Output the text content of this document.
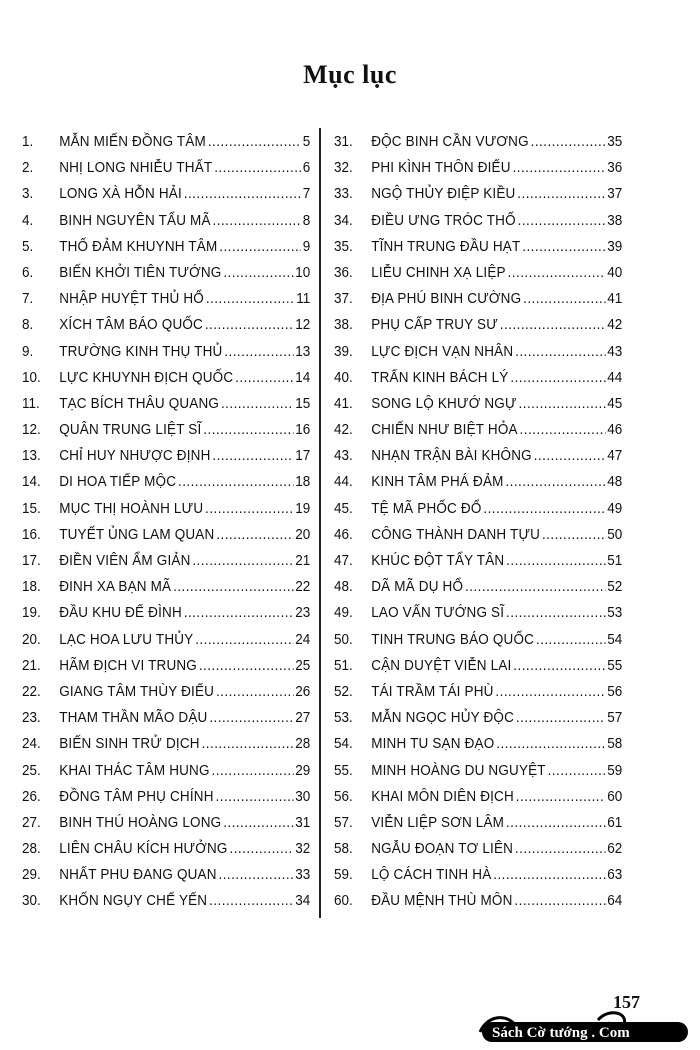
Mục lục
1.	MẪN MIẾN ĐỒNG TÂM .....	5
2.	NHỊ LONG NHIỄU THẤT .....	6
3.	LONG XÀ HỖN HẢI .....	7
4.	BINH NGUYÊN TẨU MÃ .....	8
5.	THỐ ĐẢM KHUYNH TÂM .....	9
6.	BIẾN KHỞI TIÊN TƯỚNG .....	10
7.	NHẬP HUYỆT THỦ HỔ .....	11
8.	XÍCH TÂM BÁO QUỐC .....	12
9.	TRƯỜNG KINH THỤ THỦ .....	13
10.	LỰC KHUYNH ĐỊCH QUỐC .....	14
11.	TẠC BÍCH THÂU QUANG .....	15
12.	QUÂN TRUNG LIỆT SĨ .....	16
13.	CHỈ HUY NHƯỢC ĐỊNH .....	17
14.	DI HOA TIẾP MỘC .....	18
15.	MỤC THỊ HOÀNH LƯU .....	19
16.	TUYẾT ỦNG LAM QUAN .....	20
17.	ĐIỀN VIÊN ẨM GIẢN .....	21
18.	ĐINH XA BẠN MÃ .....	22
19.	ĐẦU KHU ĐẾ ĐÌNH .....	23
20.	LẠC HOA LƯU THỦY .....	24
21.	HÃM ĐỊCH VI TRUNG .....	25
22.	GIANG TÂM THÙY ĐIẾU .....	26
23.	THAM THẦN MÃO DẬU .....	27
24.	BIẾN SINH TRỬ DỊCH .....	28
25.	KHAI THÁC TÂM HUNG .....	29
26.	ĐỒNG TÂM PHỤ CHÍNH .....	30
27.	BINH THÚ HOÀNG LONG .....	31
28.	LIÊN CHÂU KÍCH HƯỞNG .....	32
29.	NHẤT PHU ĐANG QUAN .....	33
30.	KHỐN NGỤY CHẾ YẾN .....	34
31.	ĐỘC BINH CẦN VƯƠNG .....	35
32.	PHI KÌNH THÔN ĐIẾU .....	36
33.	NGỘ THỦY ĐIỆP KIỀU .....	37
34.	ĐIỀU ƯNG TRÓC THỐ .....	38
35.	TĨNH TRUNG ĐẦU HẠT .....	39
36.	LIỄU CHINH XẠ LIỆP .....	40
37.	ĐỊA PHÚ BINH CƯỜNG .....	41
38.	PHỤ CẤP TRUY SƯ .....	42
39.	LỰC ĐỊCH VẠN NHÂN .....	43
40.	TRẤN KINH BÁCH LÝ .....	44
41.	SONG LỘ KHƯỚ NGỰ .....	45
42.	CHIẾN NHƯ BIỆT HỎA .....	46
43.	NHẠN TRẬN BÀI KHÔNG .....	47
44.	KINH TÂM PHÁ ĐẢM .....	48
45.	TỆ MÃ PHỐC ĐỔ .....	49
46.	CÔNG THÀNH DANH TỰU .....	50
47.	KHÚC ĐỘT TẨY TÂN .....	51
48.	DÃ MÃ DỤ HỔ .....	52
49.	LAO VẤN TƯỚNG SĨ .....	53
50.	TINH TRUNG BÁO QUỐC .....	54
51.	CẬN DUYỆT VIỄN LAI .....	55
52.	TÁI TRẦM TÁI PHÙ .....	56
53.	MẪN NGỌC HỦY ĐỘC .....	57
54.	MINH TU SẠN ĐẠO .....	58
55.	MINH HOÀNG DU NGUYỆT .....	59
56.	KHAI MÔN DIÊN ĐỊCH .....	60
57.	VIỄN LIỆP SƠN LÂM .....	61
58.	NGẪU ĐOẠN TƠ LIÊN .....	62
59.	LỘ CÁCH TINH HÀ .....	63
60.	ĐẦU MỆNH THÙ MÔN .....	64
157
Sách Cờ tướng . Com
